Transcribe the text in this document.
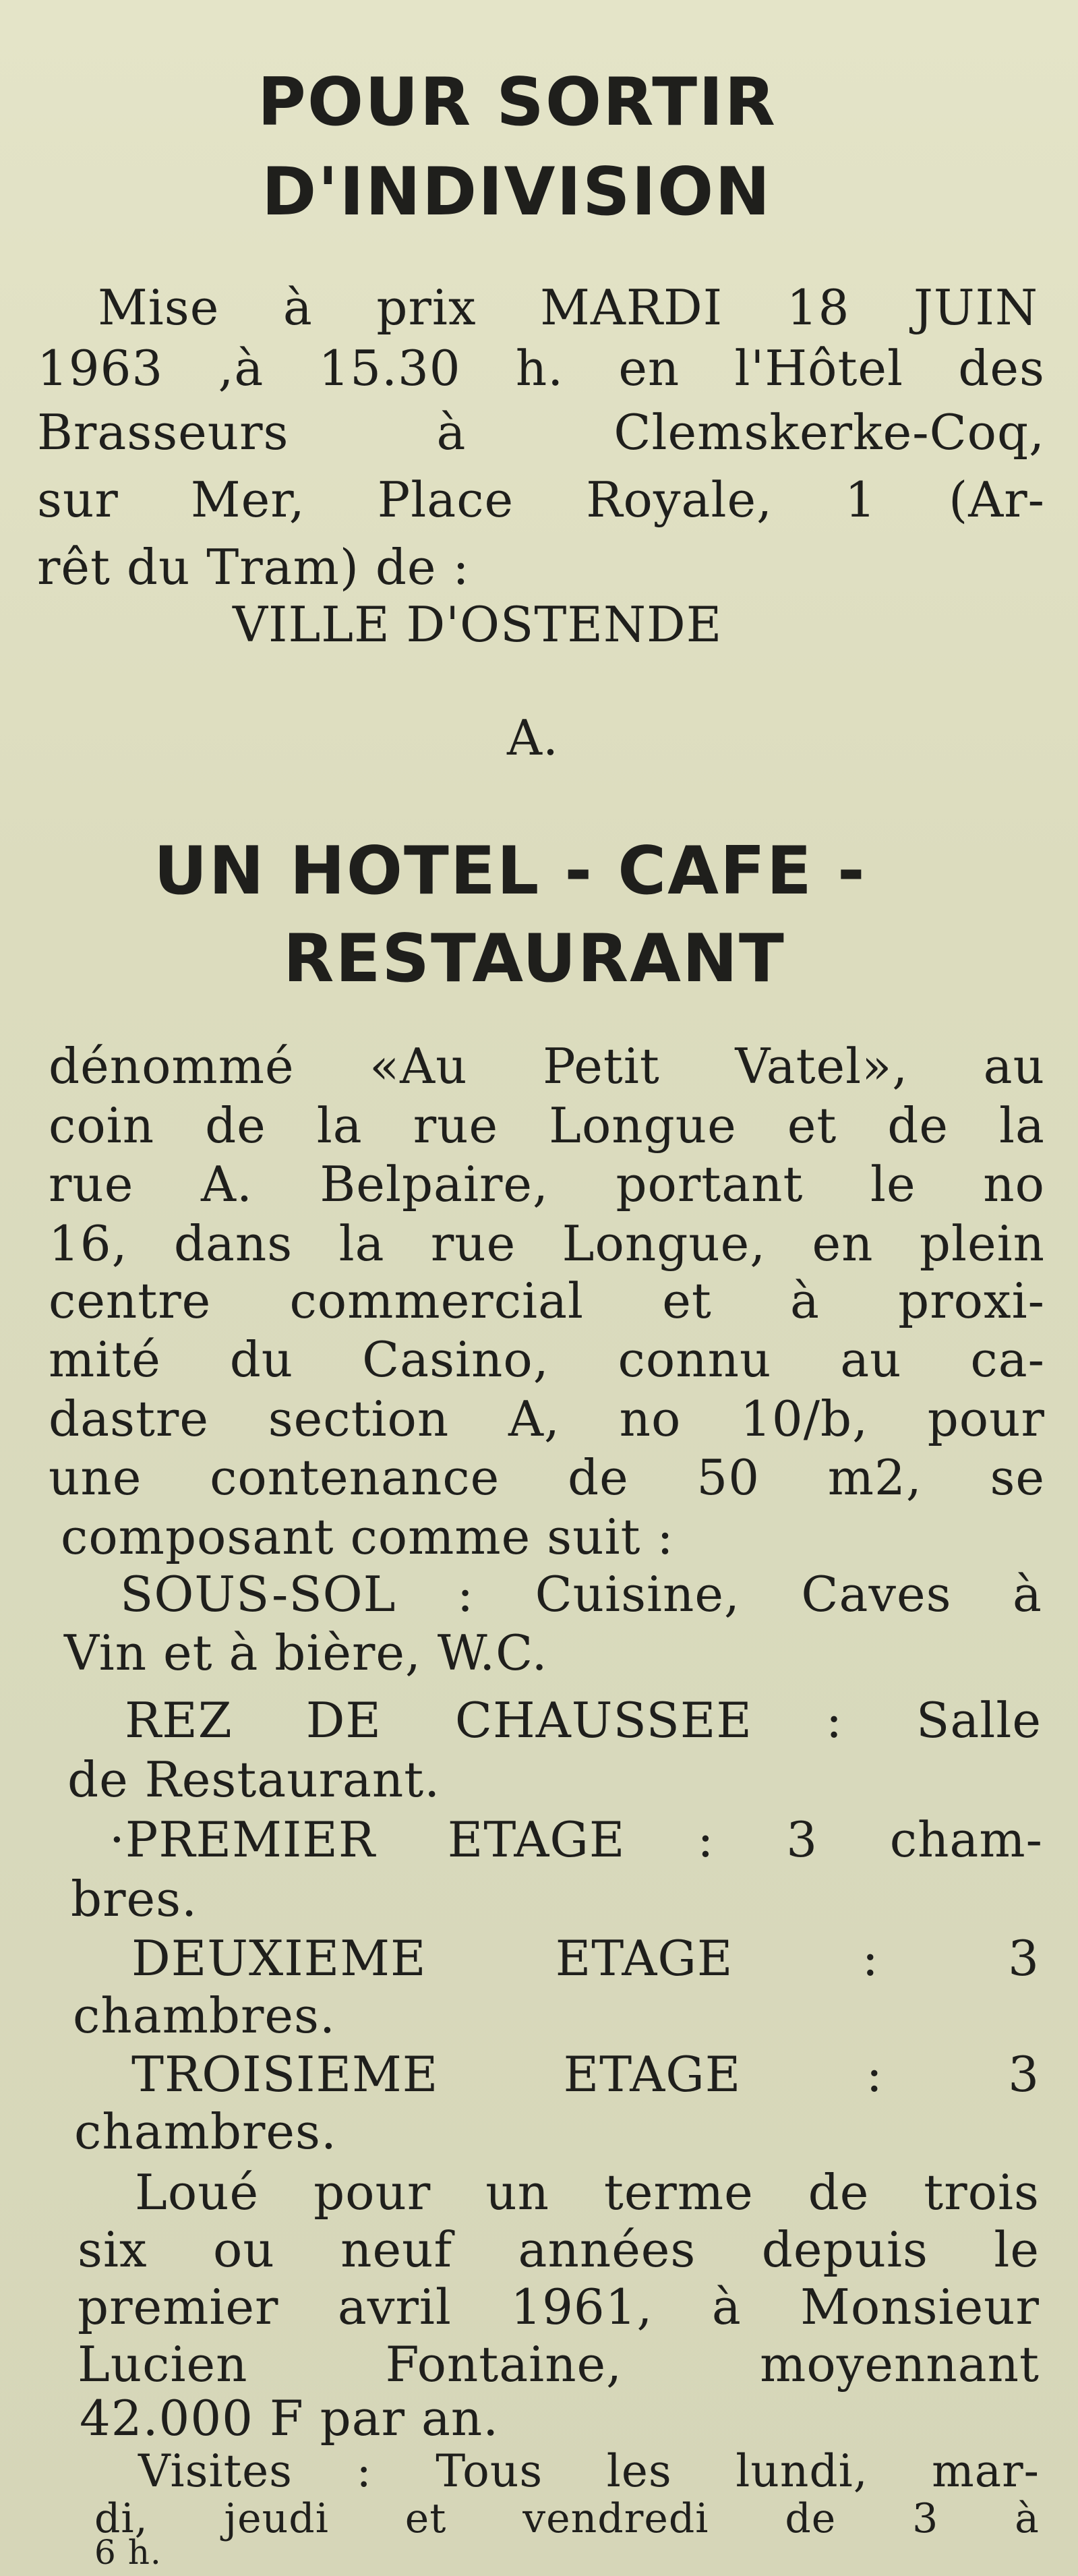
POUR SORTIR
D'INDIVISION
Mise à prix MARDI 18 JUIN
1963 ,à 15.30 h. en l'Hôtel des
Brasseurs	à	Clemskerke-Coq,
sur Mer, Place Royale, 1 (Ar-
rêt du Tram) de :
VILLE D'OSTENDE
A.
UN HOTEL - CAFE -
RESTAURANT
dénommé «Au Petit Vatel», au
coin de la rue Longue et de la
rue A. Belpaire, portant le no
16, dans la rue Longue, en plein
centre commercial et à proxi-
mité du Casino, connu au ca-
dastre section A, no 10/b, pour
une contenance de 50 m2, se
composant comme suit :
SOUS-SOL : Cuisine, Caves à
Vin et à bière, W.C.
REZ DE CHAUSSEE : Salle
de Restaurant.
·PREMIER ETAGE : 3 cham-
bres.
DEUXIEME	ETAGE	:	3
chambres.
TROISIEME	ETAGE	:	3
chambres.
Loué pour un terme de trois
six ou neuf années depuis le
premier avril 1961, à Monsieur
Lucien	Fontaine,	moyennant
42.000 F par an.
Visites : Tous les lundi, mar-
di, jeudi et vendredi de 3 à
6 h.
